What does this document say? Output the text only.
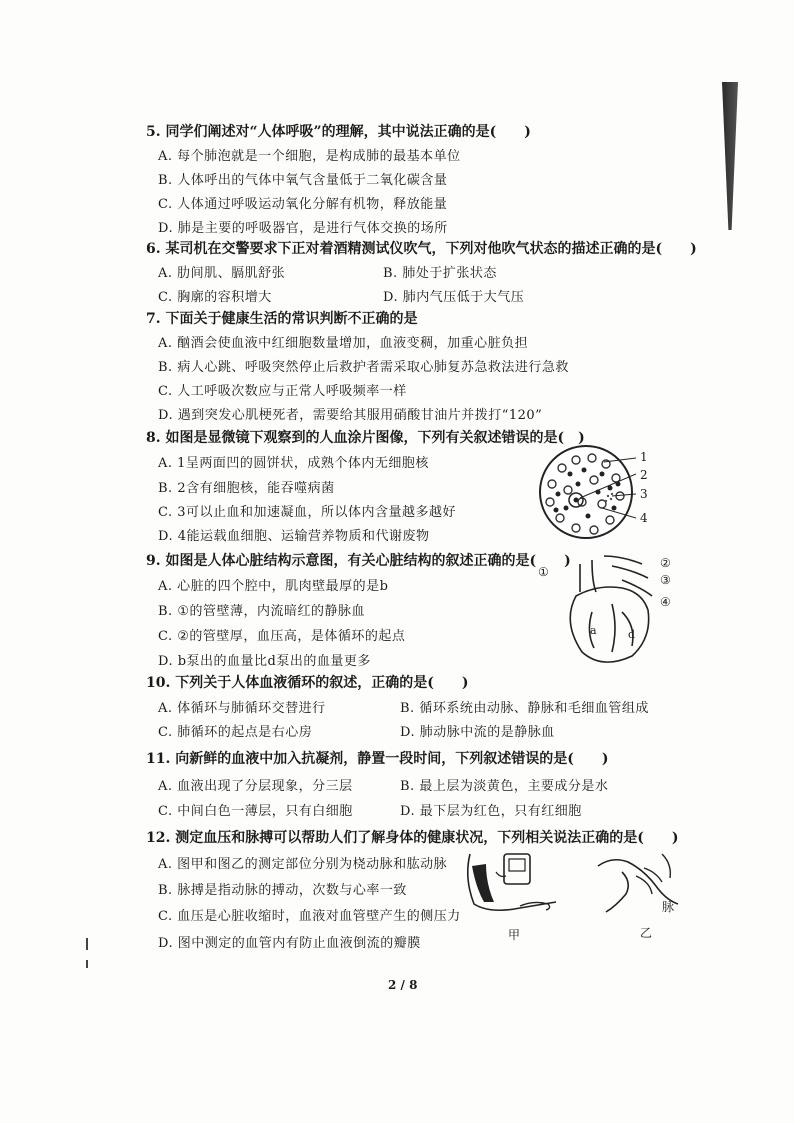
5. 同学们阐述对“人体呼吸”的理解，其中说法正确的是(　　)
A. 每个肺泡就是一个细胞，是构成肺的最基本单位
B. 人体呼出的气体中氧气含量低于二氧化碳含量
C. 人体通过呼吸运动氧化分解有机物，释放能量
D. 肺是主要的呼吸器官，是进行气体交换的场所
6. 某司机在交警要求下正对着酒精测试仪吹气，下列对他吹气状态的描述正确的是(　　)
A. 肋间肌、膈肌舒张	B. 肺处于扩张状态
C. 胸廓的容积增大	D. 肺内气压低于大气压
7. 下面关于健康生活的常识判断不正确的是
A. 酗酒会使血液中红细胞数量增加，血液变稠，加重心脏负担
B. 病人心跳、呼吸突然停止后救护者需采取心肺复苏急救法进行急救
C. 人工呼吸次数应与正常人呼吸频率一样
D. 遇到突发心肌梗死者，需要给其服用硝酸甘油片并拨打“120”
8. 如图是显微镜下观察到的人血涂片图像，下列有关叙述错误的是(　)
A. 1呈两面凹的圆饼状，成熟个体内无细胞核
B. 2含有细胞核，能吞噬病菌
C. 3可以止血和加速凝血，所以体内含量越多越好
D. 4能运载血细胞、运输营养物质和代谢废物
1
2
3
4
9. 如图是人体心脏结构示意图，有关心脏结构的叙述正确的是(　　)
A. 心脏的四个腔中，肌肉壁最厚的是b
B. ①的管壁薄，内流暗红的静脉血
C. ②的管壁厚，血压高，是体循环的起点
D. b泵出的血量比d泵出的血量更多
a	d
①
②
③
④
10. 下列关于人体血液循环的叙述，正确的是(　　)
A. 体循环与肺循环交替进行	B. 循环系统由动脉、静脉和毛细血管组成
C. 肺循环的起点是右心房	D. 肺动脉中流的是静脉血
11. 向新鲜的血液中加入抗凝剂，静置一段时间，下列叙述错误的是(　　)
A. 血液出现了分层现象，分三层	B. 最上层为淡黄色，主要成分是水
C. 中间白色一薄层，只有白细胞	D. 最下层为红色，只有红细胞
12. 测定血压和脉搏可以帮助人们了解身体的健康状况，下列相关说法正确的是(　　)
A. 图甲和图乙的测定部位分别为桡动脉和肱动脉
B. 脉搏是指动脉的搏动，次数与心率一致
C. 血压是心脏收缩时，血液对血管壁产生的侧压力
D. 图中测定的血管内有防止血液倒流的瓣膜
甲
脉
乙
2 / 8
